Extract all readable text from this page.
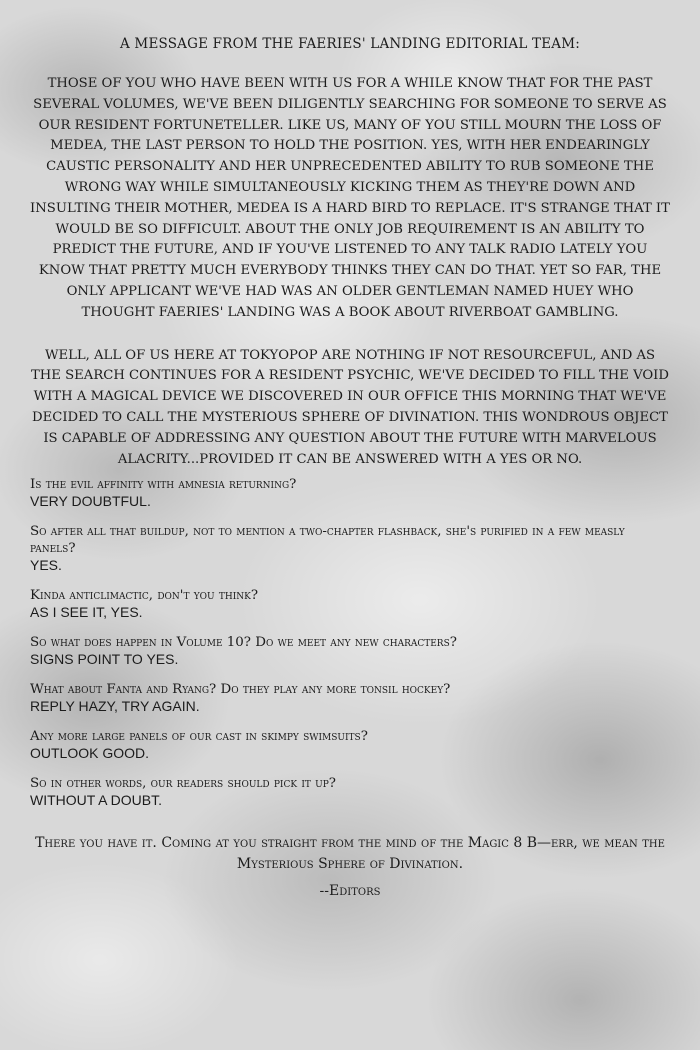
A MESSAGE FROM THE FAERIES' LANDING EDITORIAL TEAM:

THOSE OF YOU WHO HAVE BEEN WITH US FOR A WHILE KNOW THAT FOR THE PAST SEVERAL VOLUMES, WE'VE BEEN DILIGENTLY SEARCHING FOR SOMEONE TO SERVE AS OUR RESIDENT FORTUNETELLER. LIKE US, MANY OF YOU STILL MOURN THE LOSS OF MEDEA, THE LAST PERSON TO HOLD THE POSITION. YES, WITH HER ENDEARINGLY CAUSTIC PERSONALITY AND HER UNPRECEDENTED ABILITY TO RUB SOMEONE THE WRONG WAY WHILE SIMULTANEOUSLY KICKING THEM AS THEY'RE DOWN AND INSULTING THEIR MOTHER, MEDEA IS A HARD BIRD TO REPLACE. IT'S STRANGE THAT IT WOULD BE SO DIFFICULT. ABOUT THE ONLY JOB REQUIREMENT IS AN ABILITY TO PREDICT THE FUTURE, AND IF YOU'VE LISTENED TO ANY TALK RADIO LATELY YOU KNOW THAT PRETTY MUCH EVERYBODY THINKS THEY CAN DO THAT. YET SO FAR, THE ONLY APPLICANT WE'VE HAD WAS AN OLDER GENTLEMAN NAMED HUEY WHO THOUGHT FAERIES' LANDING WAS A BOOK ABOUT RIVERBOAT GAMBLING.

WELL, ALL OF US HERE AT TOKYOPOP ARE NOTHING IF NOT RESOURCEFUL, AND AS THE SEARCH CONTINUES FOR A RESIDENT PSYCHIC, WE'VE DECIDED TO FILL THE VOID WITH A MAGICAL DEVICE WE DISCOVERED IN OUR OFFICE THIS MORNING THAT WE'VE DECIDED TO CALL THE MYSTERIOUS SPHERE OF DIVINATION. THIS WONDROUS OBJECT IS CAPABLE OF ADDRESSING ANY QUESTION ABOUT THE FUTURE WITH MARVELOUS ALACRITY...PROVIDED IT CAN BE ANSWERED WITH A YES OR NO.

Is the evil affinity with amnesia returning?
VERY DOUBTFUL.
So after all that buildup, not to mention a two-chapter flashback, she's purified in a few measly panels?
YES.
Kinda anticlimactic, don't you think?
AS I SEE IT, YES.
So what does happen in Volume 10? Do we meet any new characters?
SIGNS POINT TO YES.
What about Fanta and Ryang? Do they play any more tonsil hockey?
REPLY HAZY, TRY AGAIN.
Any more large panels of our cast in skimpy swimsuits?
OUTLOOK GOOD.
So in other words, our readers should pick it up?
WITHOUT A DOUBT.
There you have it. Coming at you straight from the mind of the Magic 8 B—err, we mean the Mysterious Sphere of Divination.
--Editors
